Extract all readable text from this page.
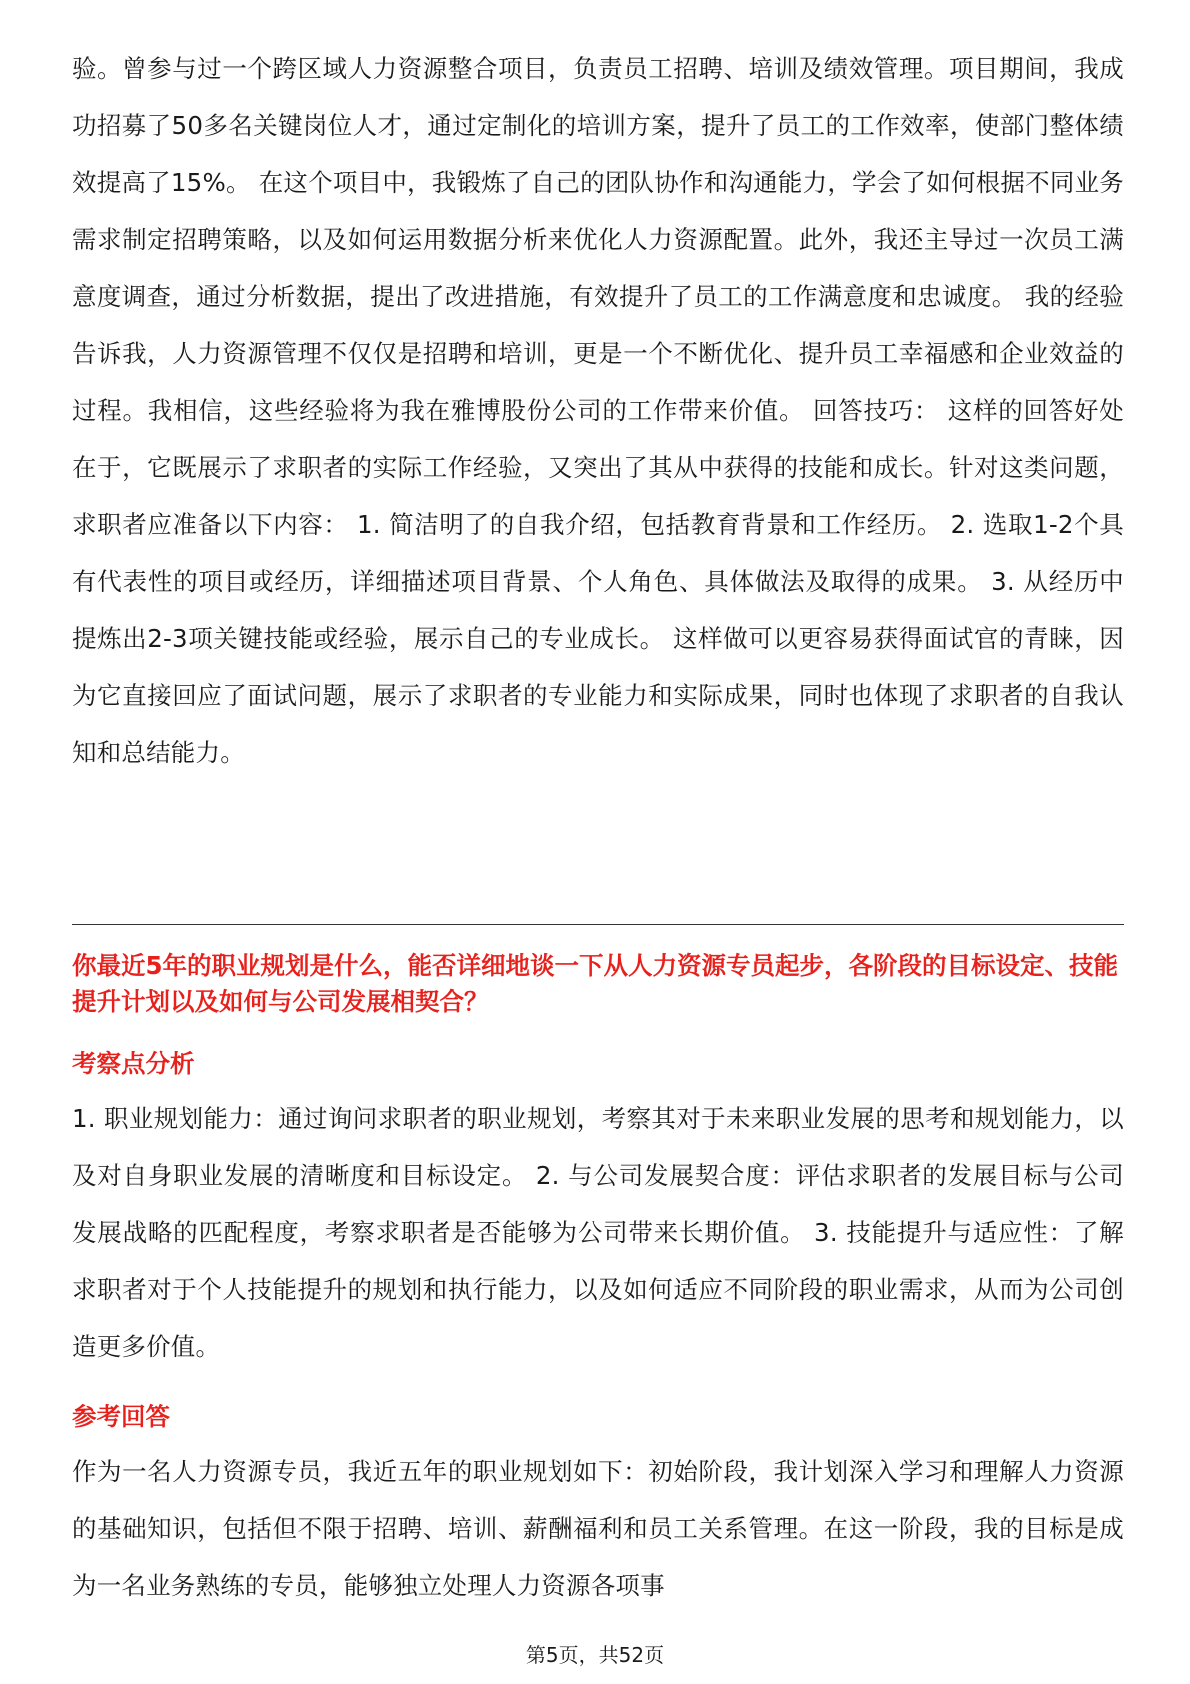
验。曾参与过一个跨区域人力资源整合项目，负责员工招聘、培训及绩效管理。项目期间，我成功招募了50多名关键岗位人才，通过定制化的培训方案，提升了员工的工作效率，使部门整体绩效提高了15%。 在这个项目中，我锻炼了自己的团队协作和沟通能力，学会了如何根据不同业务需求制定招聘策略，以及如何运用数据分析来优化人力资源配置。此外，我还主导过一次员工满意度调查，通过分析数据，提出了改进措施，有效提升了员工的工作满意度和忠诚度。 我的经验告诉我，人力资源管理不仅仅是招聘和培训，更是一个不断优化、提升员工幸福感和企业效益的过程。我相信，这些经验将为我在雅博股份公司的工作带来价值。 回答技巧： 这样的回答好处在于，它既展示了求职者的实际工作经验，又突出了其从中获得的技能和成长。针对这类问题，求职者应准备以下内容： 1. 简洁明了的自我介绍，包括教育背景和工作经历。 2. 选取1-2个具有代表性的项目或经历，详细描述项目背景、个人角色、具体做法及取得的成果。 3. 从经历中提炼出2-3项关键技能或经验，展示自己的专业成长。 这样做可以更容易获得面试官的青睐，因为它直接回应了面试问题，展示了求职者的专业能力和实际成果，同时也体现了求职者的自我认知和总结能力。

你最近5年的职业规划是什么，能否详细地谈一下从人力资源专员起步，各阶段的目标设定、技能提升计划以及如何与公司发展相契合？

考察点分析

1. 职业规划能力：通过询问求职者的职业规划，考察其对于未来职业发展的思考和规划能力，以及对自身职业发展的清晰度和目标设定。 2. 与公司发展契合度：评估求职者的发展目标与公司发展战略的匹配程度，考察求职者是否能够为公司带来长期价值。 3. 技能提升与适应性：了解求职者对于个人技能提升的规划和执行能力，以及如何适应不同阶段的职业需求，从而为公司创造更多价值。

参考回答

作为一名人力资源专员，我近五年的职业规划如下：初始阶段，我计划深入学习和理解人力资源的基础知识，包括但不限于招聘、培训、薪酬福利和员工关系管理。在这一阶段，我的目标是成为一名业务熟练的专员，能够独立处理人力资源各项事

第5页，共52页
